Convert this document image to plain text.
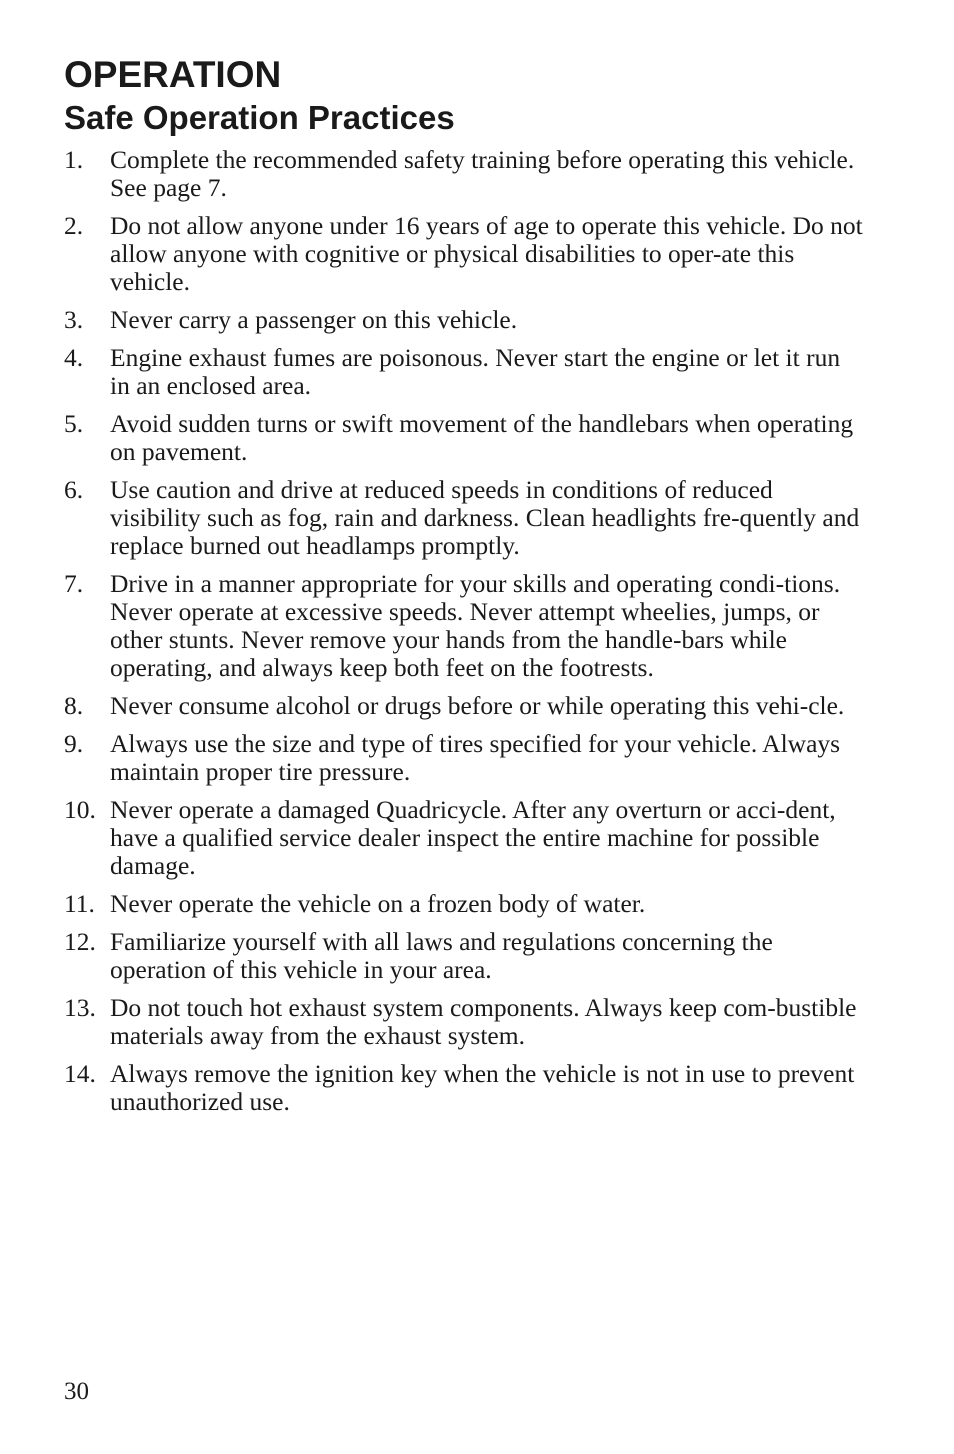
OPERATION
Safe Operation Practices
1. Complete the recommended safety training before operating this vehicle. See page 7.
2. Do not allow anyone under 16 years of age to operate this vehicle. Do not allow anyone with cognitive or physical disabilities to oper-ate this vehicle.
3. Never carry a passenger on this vehicle.
4. Engine exhaust fumes are poisonous. Never start the engine or let it run in an enclosed area.
5. Avoid sudden turns or swift movement of the handlebars when operating on pavement.
6. Use caution and drive at reduced speeds in conditions of reduced visibility such as fog, rain and darkness. Clean headlights fre-quently and replace burned out headlamps promptly.
7. Drive in a manner appropriate for your skills and operating condi-tions. Never operate at excessive speeds. Never attempt wheelies, jumps, or other stunts. Never remove your hands from the handle-bars while operating, and always keep both feet on the footrests.
8. Never consume alcohol or drugs before or while operating this vehi-cle.
9. Always use the size and type of tires specified for your vehicle. Always maintain proper tire pressure.
10. Never operate a damaged Quadricycle. After any overturn or acci-dent, have a qualified service dealer inspect the entire machine for possible damage.
11. Never operate the vehicle on a frozen body of water.
12. Familiarize yourself with all laws and regulations concerning the operation of this vehicle in your area.
13. Do not touch hot exhaust system components. Always keep com-bustible materials away from the exhaust system.
14. Always remove the ignition key when the vehicle is not in use to prevent unauthorized use.
30
